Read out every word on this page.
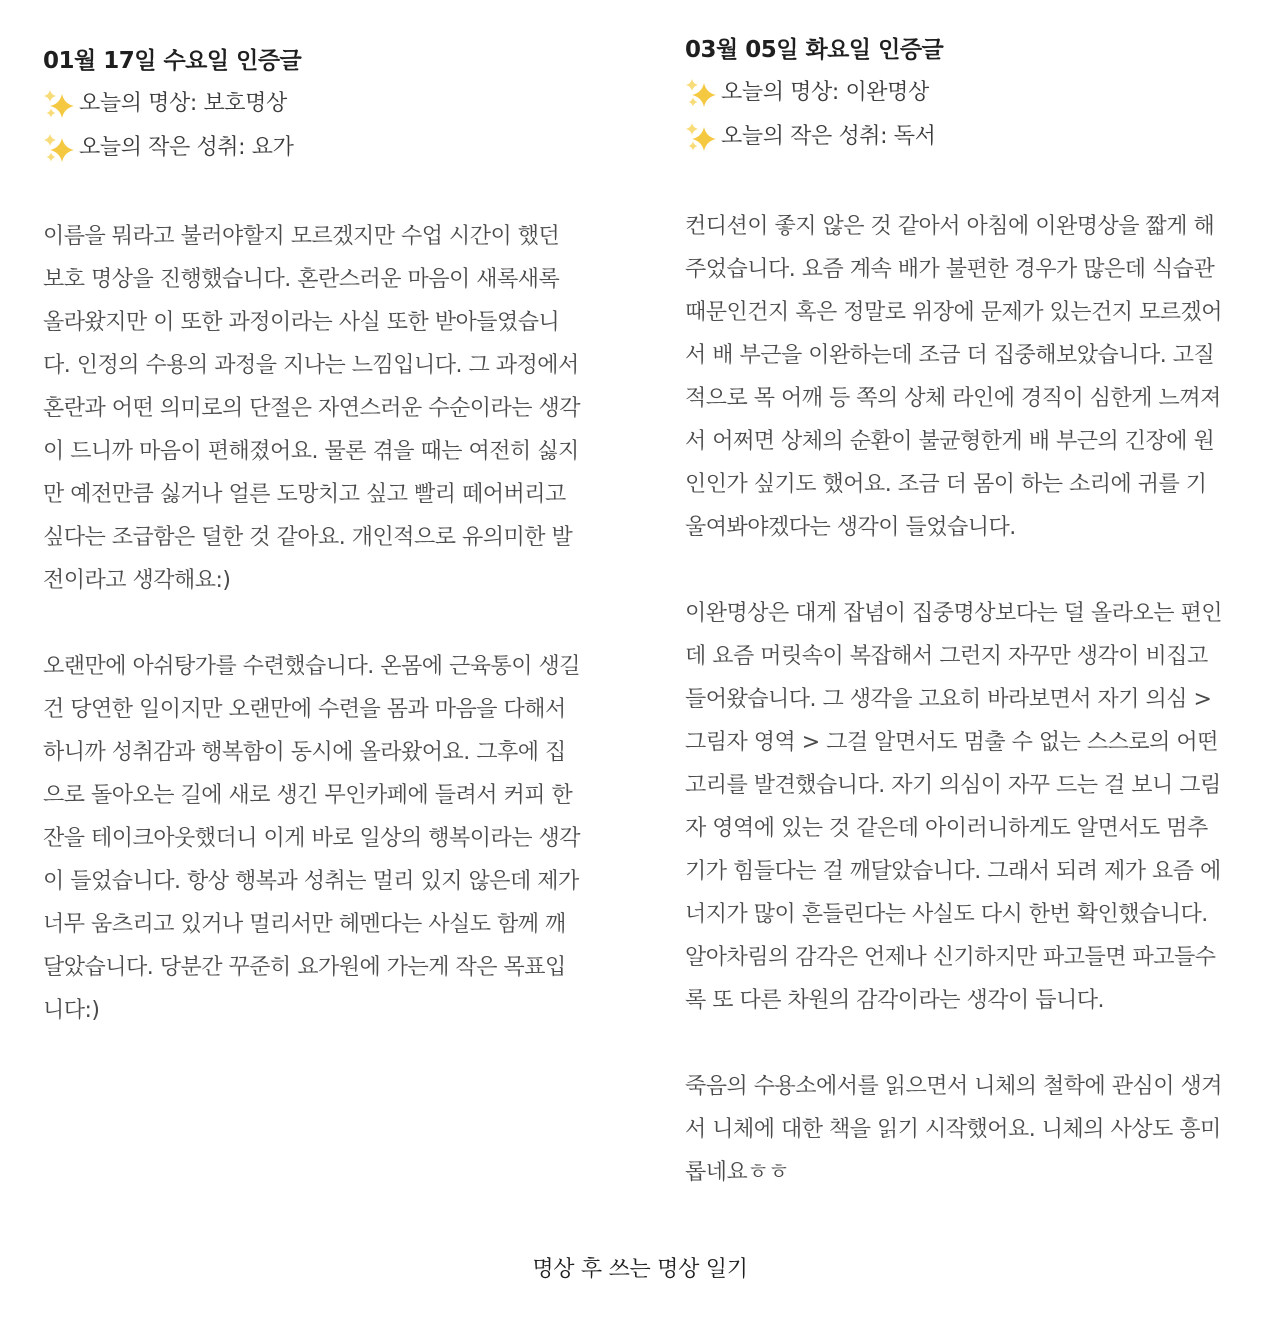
01월 17일 수요일 인증글
오늘의 명상: 보호명상
오늘의 작은 성취: 요가

이름을 뭐라고 불러야할지 모르겠지만 수업 시간이 했던
보호 명상을 진행했습니다. 혼란스러운 마음이 새록새록
올라왔지만 이 또한 과정이라는 사실 또한 받아들였습니
다. 인정의 수용의 과정을 지나는 느낌입니다. 그 과정에서
혼란과 어떤 의미로의 단절은 자연스러운 수순이라는 생각
이 드니까 마음이 편해졌어요. 물론 겪을 때는 여전히 싫지
만 예전만큼 싫거나 얼른 도망치고 싶고 빨리 떼어버리고
싶다는 조급함은 덜한 것 같아요. 개인적으로 유의미한 발
전이라고 생각해요:)

오랜만에 아쉬탕가를 수련했습니다. 온몸에 근육통이 생길
건 당연한 일이지만 오랜만에 수련을 몸과 마음을 다해서
하니까 성취감과 행복함이 동시에 올라왔어요. 그후에 집
으로 돌아오는 길에 새로 생긴 무인카페에 들려서 커피 한
잔을 테이크아웃했더니 이게 바로 일상의 행복이라는 생각
이 들었습니다. 항상 행복과 성취는 멀리 있지 않은데 제가
너무 움츠리고 있거나 멀리서만 헤멘다는 사실도 함께 깨
달았습니다. 당분간 꾸준히 요가원에 가는게 작은 목표입
니다:)

03월 05일 화요일 인증글
오늘의 명상: 이완명상
오늘의 작은 성취: 독서

컨디션이 좋지 않은 것 같아서 아침에 이완명상을 짧게 해
주었습니다. 요즘 계속 배가 불편한 경우가 많은데 식습관
때문인건지 혹은 정말로 위장에 문제가 있는건지 모르겠어
서 배 부근을 이완하는데 조금 더 집중해보았습니다. 고질
적으로 목 어깨 등 쪽의 상체 라인에 경직이 심한게 느껴져
서 어쩌면 상체의 순환이 불균형한게 배 부근의 긴장에 원
인인가 싶기도 했어요. 조금 더 몸이 하는 소리에 귀를 기
울여봐야겠다는 생각이 들었습니다.

이완명상은 대게 잡념이 집중명상보다는 덜 올라오는 편인
데 요즘 머릿속이 복잡해서 그런지 자꾸만 생각이 비집고
들어왔습니다. 그 생각을 고요히 바라보면서 자기 의심 >
그림자 영역 > 그걸 알면서도 멈출 수 없는 스스로의 어떤
고리를 발견했습니다. 자기 의심이 자꾸 드는 걸 보니 그림
자 영역에 있는 것 같은데 아이러니하게도 알면서도 멈추
기가 힘들다는 걸 깨달았습니다. 그래서 되려 제가 요즘 에
너지가 많이 흔들린다는 사실도 다시 한번 확인했습니다.
알아차림의 감각은 언제나 신기하지만 파고들면 파고들수
록 또 다른 차원의 감각이라는 생각이 듭니다.

죽음의 수용소에서를 읽으면서 니체의 철학에 관심이 생겨
서 니체에 대한 책을 읽기 시작했어요. 니체의 사상도 흥미
롭네요ㅎㅎ

명상 후 쓰는 명상 일기
